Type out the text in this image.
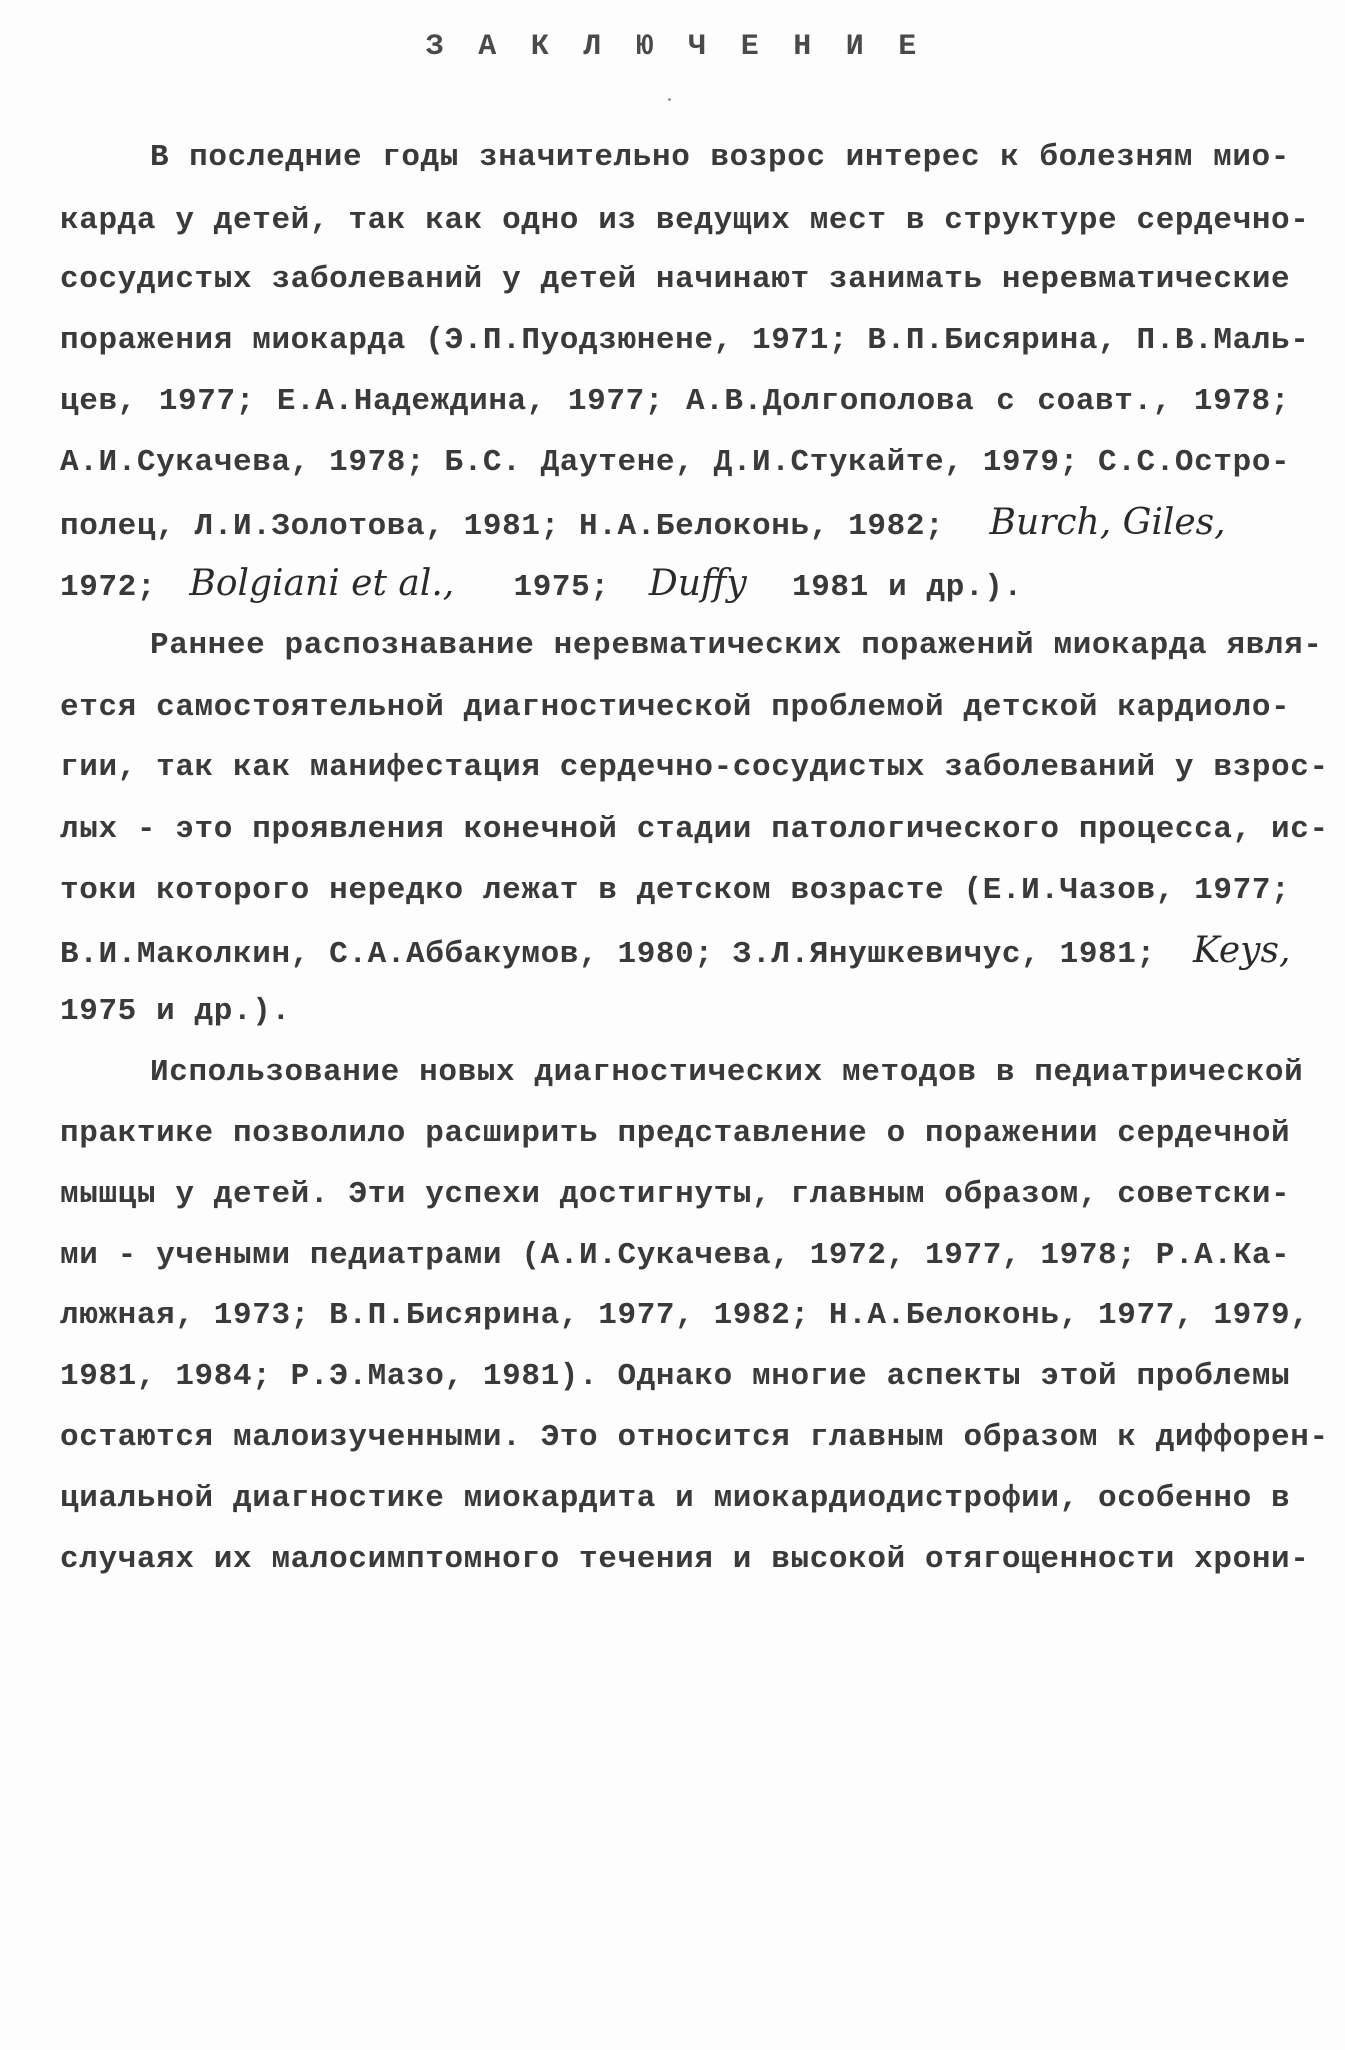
З А К Л Ю Ч Е Н И Е
В последние годы значительно возрос интерес к болезням мио-
карда у детей, так как одно из ведущих мест в структуре сердечно-
сосудистых заболеваний у детей начинают занимать неревматические
поражения миокарда (Э.П.Пуодзюнене, 1971; В.П.Бисярина, П.В.Маль-
цев, 1977; Е.А.Надеждина, 1977; А.В.Долгополова с соавт., 1978;
А.И.Сукачева, 1978; Б.С. Даутене, Д.И.Стукайте, 1979; С.С.Остро-
полец, Л.И.Золотова, 1981; Н.А.Белоконь, 1982; Burch, Giles,
1972; Bolgiani et al., 1975; Duffy 1981 и др.).
Раннее распознавание неревматических поражений миокарда явля-
ется самостоятельной диагностической проблемой детской кардиоло-
гии, так как манифестация сердечно-сосудистых заболеваний у взрос-
лых - это проявления конечной стадии патологического процесса, ис-
токи которого нередко лежат в детском возрасте (Е.И.Чазов, 1977;
В.И.Маколкин, С.А.Аббакумов, 1980; З.Л.Янушкевичус, 1981; Keys,
1975 и др.).
Использование новых диагностических методов в педиатрической
практике позволило расширить представление о поражении сердечной
мышцы у детей. Эти успехи достигнуты, главным образом, советски-
ми - учеными педиатрами (А.И.Сукачева, 1972, 1977, 1978; Р.А.Ка-
люжная, 1973; В.П.Бисярина, 1977, 1982; Н.А.Белоконь, 1977, 1979,
1981, 1984; Р.Э.Мазо, 1981). Однако многие аспекты этой проблемы
остаются малоизученными. Это относится главным образом к диффорен-
циальной диагностике миокардита и миокардиодистрофии, особенно в
случаях их малосимптомного течения и высокой отягощенности хрони-
